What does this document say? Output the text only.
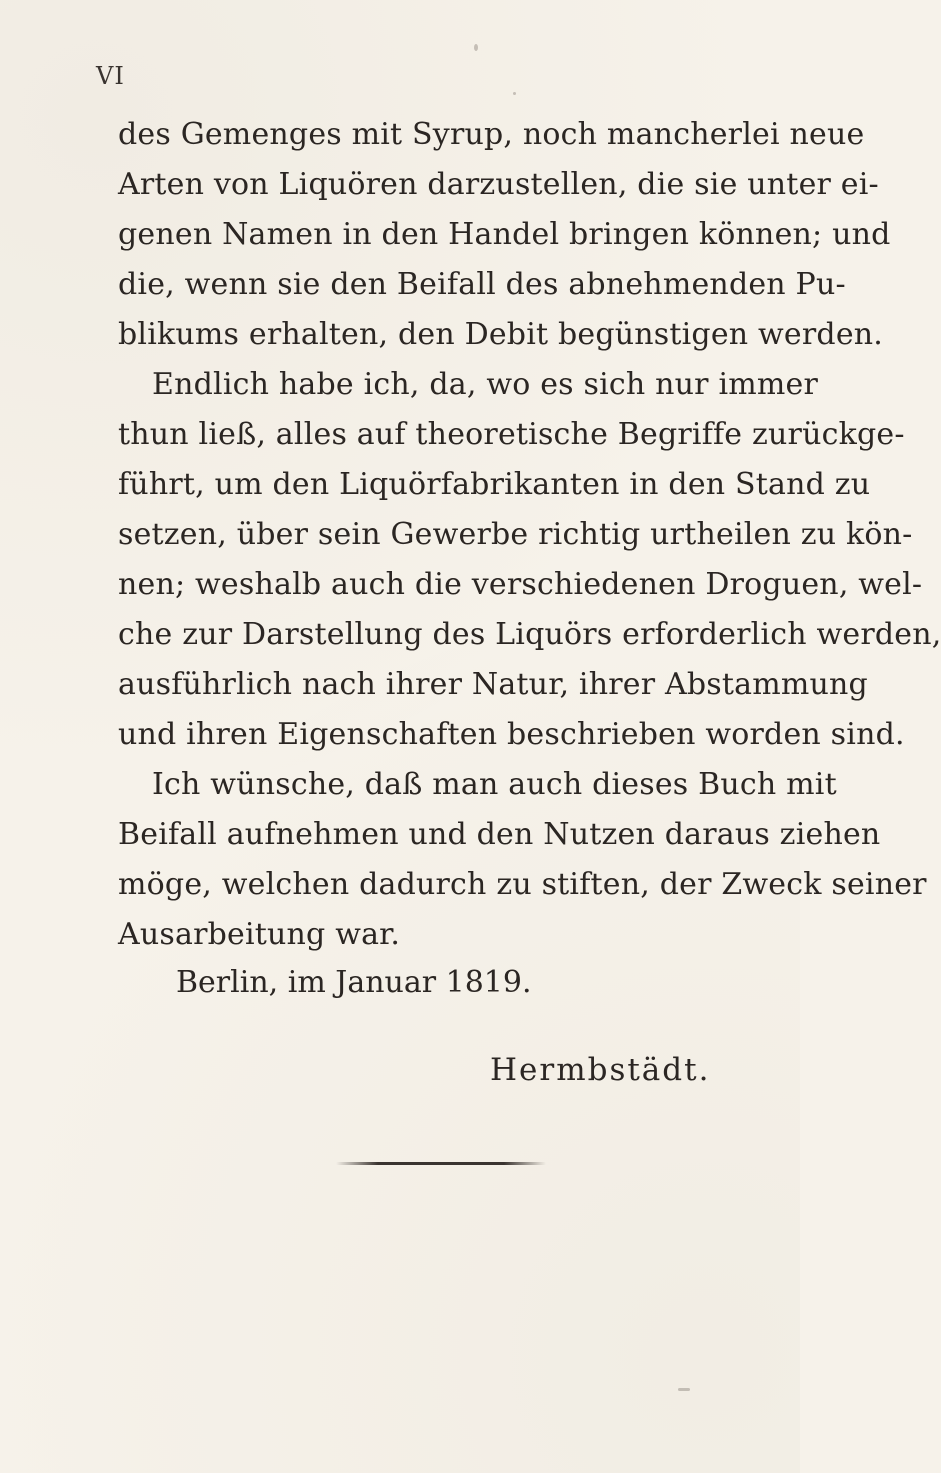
VI
des Gemenges mit Syrup, noch mancherlei neue
Arten von Liquören darzustellen, die sie unter ei-
genen Namen in den Handel bringen können; und
die, wenn sie den Beifall des abnehmenden Pu-
blikums erhalten, den Debit begünstigen werden.
Endlich habe ich, da, wo es sich nur immer
thun ließ, alles auf theoretische Begriffe zurückge-
führt, um den Liquörfabrikanten in den Stand zu
setzen, über sein Gewerbe richtig urtheilen zu kön-
nen; weshalb auch die verschiedenen Droguen, wel-
che zur Darstellung des Liquörs erforderlich werden,
ausführlich nach ihrer Natur, ihrer Abstammung
und ihren Eigenschaften beschrieben worden sind.
Ich wünsche, daß man auch dieses Buch mit
Beifall aufnehmen und den Nutzen daraus ziehen
möge, welchen dadurch zu stiften, der Zweck seiner
Ausarbeitung war.
Berlin, im Januar 1819.
Hermbstädt.
